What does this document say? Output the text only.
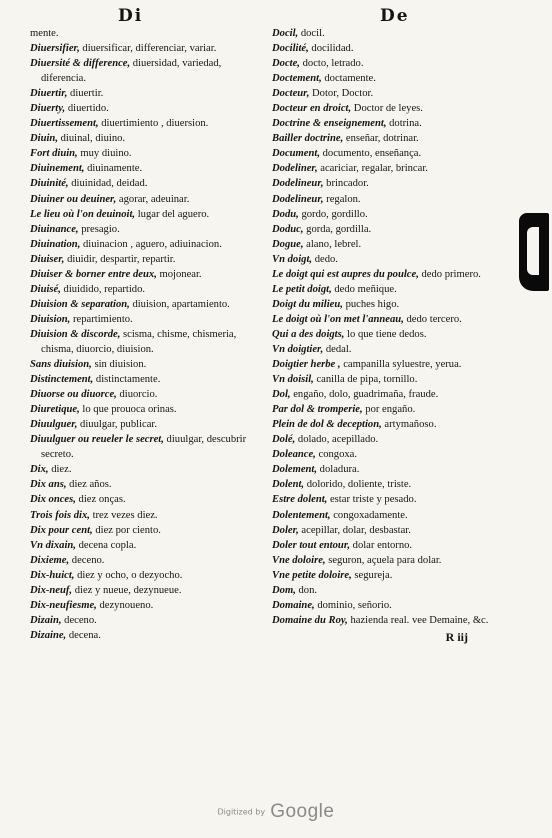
Di	De

mente.

Diuersifier, diuersificar, differenciar, variar.

Diuersité & difference, diuersidad, variedad, diferencia.

Diuertir, diuertir.

Diuerty, diuertido.

Diuertissement, diuertimiento , diuersion.

Diuin, diuinal, diuino.

Fort diuin, muy diuino.

Diuinement, diuinamente.

Diuinité, diuinidad, deidad.

Diuiner ou deuiner, agorar, adeuinar.

Le lieu où l'on deuinoit, lugar del aguero.

Diuinance, presagio.

Diuination, diuinacion , aguero, adiuinacion.

Diuiser, diuidir, despartir, repartir.

Diuiser & borner entre deux, mojonear.

Diuisé, diuidido, repartido.

Diuision & separation, diuision, apartamiento.

Diuision, repartimiento.

Diuision & discorde, scisma, chisme, chismeria, chisma, diuorcio, diuision.

Sans diuision, sin diuision.

Distinctement, distinctamente.

Diuorse ou diuorce, diuorcio.

Diuretique, lo que prouoca orinas.

Diuulguer, diuulgar, publicar.

Diuulguer ou reueler le secret, diuulgar, descubrir secreto.

Dix, diez.

Dix ans, diez años.

Dix onces, diez onças.

Trois fois dix, trez vezes diez.

Dix pour cent, diez por ciento.

Vn dixain, decena copla.

Dixieme, deceno.

Dix-huict, diez y ocho, o dezyocho.

Dix-neuf, diez y nueue, dezynueue.

Dix-neufiesme, dezynoueno.

Dizain, deceno.

Dizaine, decena.

Docil, docil.

Docilité, docilidad.

Docte, docto, letrado.

Doctement, doctamente.

Docteur, Dotor, Doctor.

Docteur en droict, Doctor de leyes.

Doctrine & enseignement, dotrina.

Bailler doctrine, enseñar, dotrinar.

Document, documento, enseñança.

Dodeliner, acariciar, regalar, brincar.

Dodelineur, brincador.

Dodelineur, regalon.

Dodu, gordo, gordillo.

Doduc, gorda, gordilla.

Dogue, alano, lebrel.

Vn doigt, dedo.

Le doigt qui est aupres du poulce, dedo primero.

Le petit doigt, dedo meñique.

Doigt du milieu, puches higo.

Le doigt où l'on met l'anneau, dedo tercero.

Qui a des doigts, lo que tiene dedos.

Vn doigtier, dedal.

Doigtier herbe , campanilla syluestre, yerua.

Vn doisil, canilla de pipa, tornillo.

Dol, engaño, dolo, guadrimaña, fraude.

Par dol & tromperie, por engaño.

Plein de dol & deception, artymañoso.

Dolé, dolado, acepillado.

Doleance, congoxa.

Dolement, doladura.

Dolent, dolorido, doliente, triste.

Estre dolent, estar triste y pesado.

Dolentement, congoxadamente.

Doler, acepillar, dolar, desbastar.

Doler tout entour, dolar entorno.

Vne doloire, seguron, açuela para dolar.

Vne petite doloire, segureja.

Dom, don.

Domaine, dominio, señorio.

Domaine du Roy, hazienda real. vee Demaine, &c.

R iij
Digitized by Google
